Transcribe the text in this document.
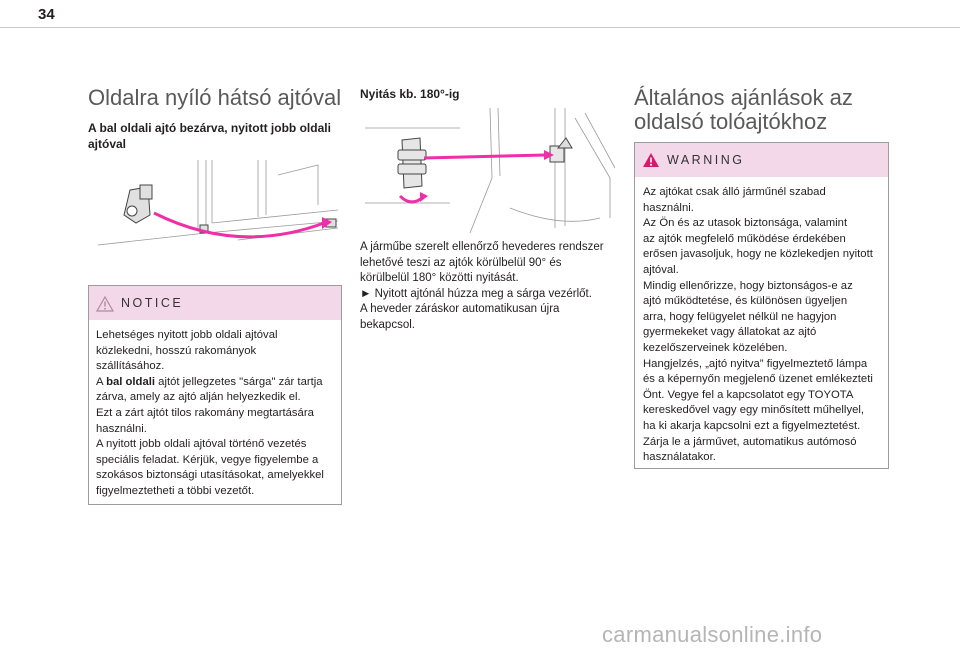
34
Oldalra nyíló hátsó ajtóval
A bal oldali ajtó bezárva, nyitott jobb oldali
ajtóval
NOTICE
Lehetséges nyitott jobb oldali ajtóval
közlekedni, hosszú rakományok
szállításához.
A bal oldali ajtót jellegzetes "sárga" zár tartja
zárva, amely az ajtó alján helyezkedik el.
Ezt a zárt ajtót tilos rakomány megtartására
használni.
A nyitott jobb oldali ajtóval történő vezetés
speciális feladat. Kérjük, vegye figyelembe a
szokásos biztonsági utasításokat, amelyekkel
figyelmeztetheti a többi vezetőt.
Nyitás kb. 180°-ig
A járműbe szerelt ellenőrző hevederes rendszer
lehetővé teszi az ajtók körülbelül 90° és
körülbelül 180° közötti nyitását.
► Nyitott ajtónál húzza meg a sárga vezérlőt.
A heveder záráskor automatikusan újra
bekapcsol.
Általános ajánlások az
oldalsó tolóajtókhoz
WARNING
Az ajtókat csak álló járműnél szabad
használni.
Az Ön és az utasok biztonsága, valamint
az ajtók megfelelő működése érdekében
erősen javasoljuk, hogy ne közlekedjen nyitott
ajtóval.
Mindig ellenőrizze, hogy biztonságos-e az
ajtó működtetése, és különösen ügyeljen
arra, hogy felügyelet nélkül ne hagyjon
gyermekeket vagy állatokat az ajtó
kezelőszerveinek közelében.
Hangjelzés, „ajtó nyitva” figyelmeztető lámpa
és a képernyőn megjelenő üzenet emlékezteti
Önt. Vegye fel a kapcsolatot egy TOYOTA
kereskedővel vagy egy minősített műhellyel,
ha ki akarja kapcsolni ezt a figyelmeztetést.
Zárja le a járművet, automatikus autómosó
használatakor.
carmanualsonline.info
